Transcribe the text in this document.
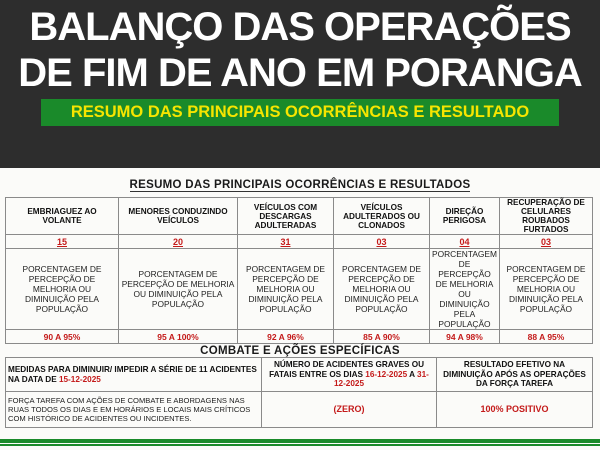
BALANÇO DAS OPERAÇÕES
DE FIM DE ANO EM PORANGA
RESUMO DAS PRINCIPAIS OCORRÊNCIAS E RESULTADO
RESUMO DAS PRINCIPAIS OCORRÊNCIAS E RESULTADOS
EMBRIAGUEZ AO VOLANTE	MENORES CONDUZINDO VEÍCULOS	VEÍCULOS COM DESCARGAS ADULTERADAS	VEÍCULOS ADULTERADOS OU CLONADOS	DIREÇÃO PERIGOSA	RECUPERAÇÃO DE CELULARES ROUBADOS FURTADOS
15	20	31	03	04	03
PORCENTAGEM DE PERCEPÇÃO DE MELHORIA OU DIMINUIÇÃO PELA POPULAÇÃO	PORCENTAGEM DE PERCEPÇÃO DE MELHORIA OU DIMINUIÇÃO PELA POPULAÇÃO	PORCENTAGEM DE PERCEPÇÃO DE MELHORIA OU DIMINUIÇÃO PELA POPULAÇÃO	PORCENTAGEM DE PERCEPÇÃO DE MELHORIA OU DIMINUIÇÃO PELA POPULAÇÃO	PORCENTAGEM DE PERCEPÇÃO DE MELHORIA OU DIMINUIÇÃO PELA POPULAÇÃO	PORCENTAGEM DE PERCEPÇÃO DE MELHORIA OU DIMINUIÇÃO PELA POPULAÇÃO
90 A 95%	95 A 100%	92 A 96%	85 A 90%	94 A 98%	88 A 95%
COMBATE E AÇÕES ESPECÍFICAS
MEDIDAS PARA DIMINUIR/ IMPEDIR A SÉRIE DE 11 ACIDENTES NA DATA DE 15-12-2025	NÚMERO DE ACIDENTES GRAVES OU FATAIS ENTRE OS DIAS 16-12-2025 A 31-12-2025	RESULTADO EFETIVO NA DIMINUIÇÃO APÓS AS OPERAÇÕES DA FORÇA TAREFA
FORÇA TAREFA COM AÇÕES DE COMBATE E ABORDAGENS NAS RUAS TODOS OS DIAS E EM HORÁRIOS E LOCAIS MAIS CRÍTICOS COM HISTÓRICO DE ACIDENTES OU INCIDENTES.	(ZERO)	100% POSITIVO
